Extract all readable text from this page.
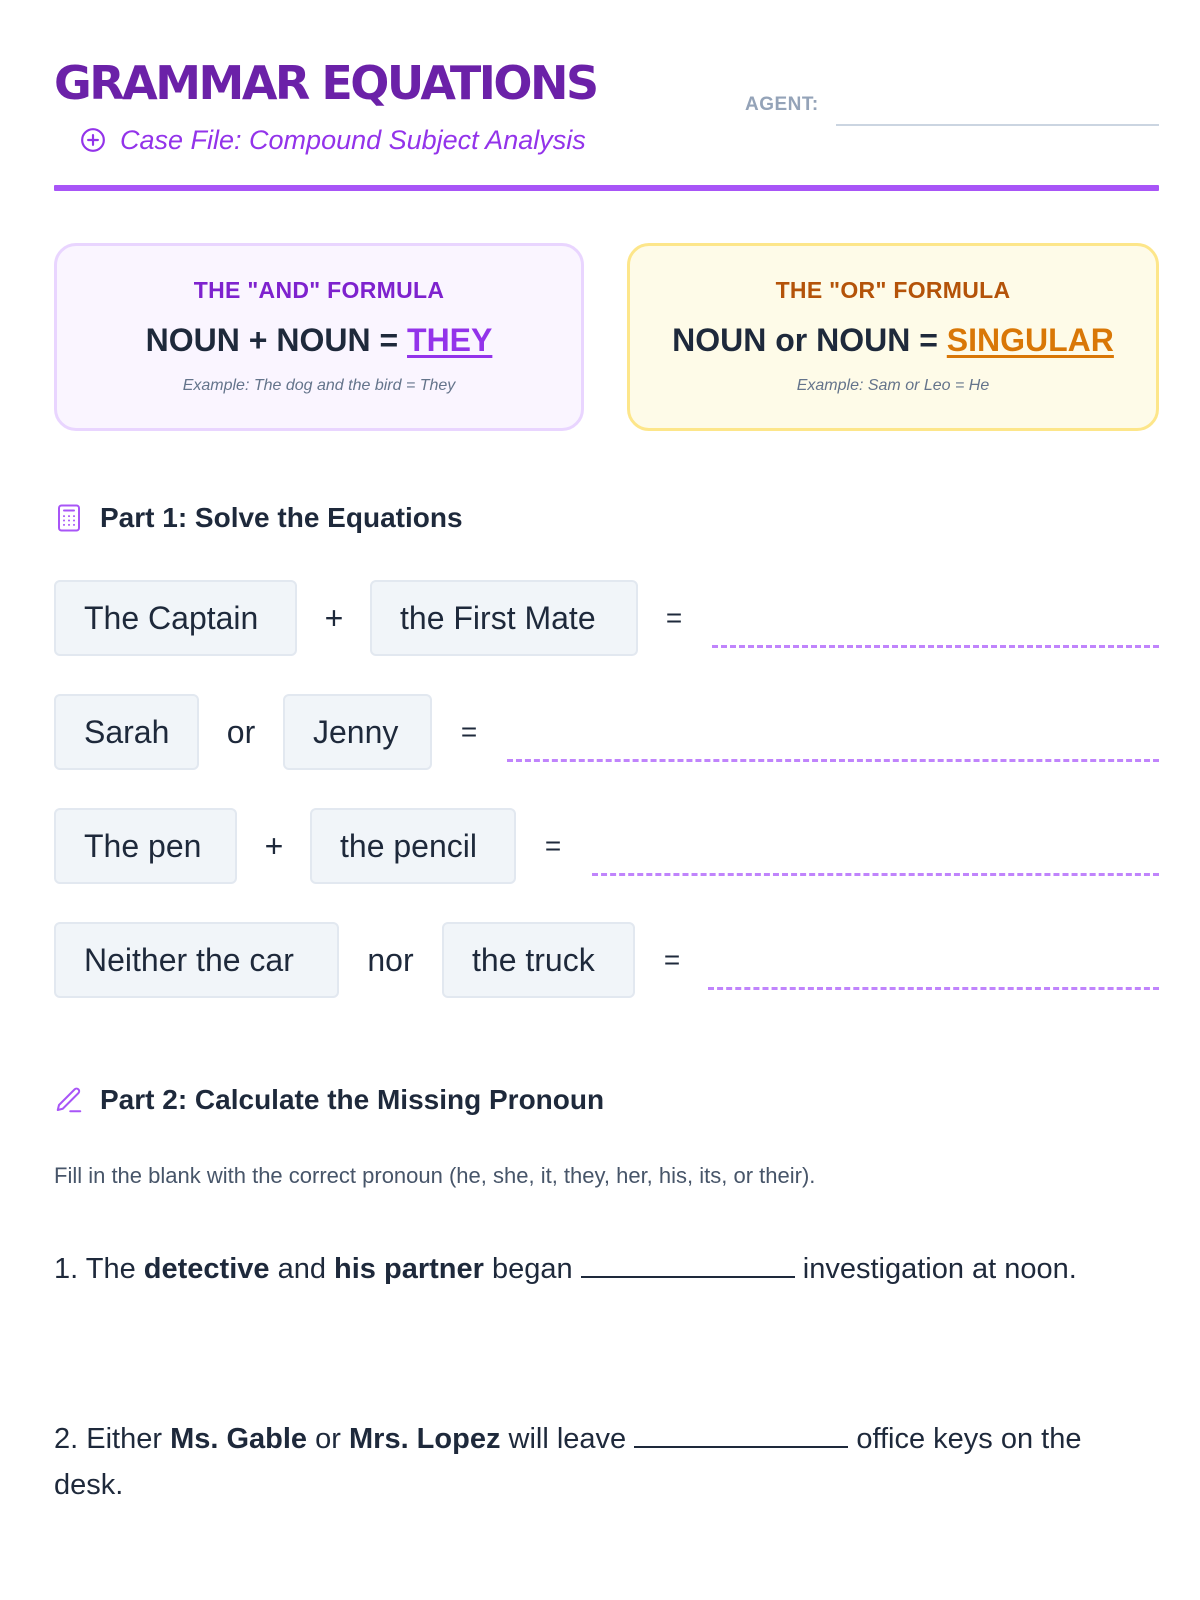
GRAMMAR EQUATIONS
Case File: Compound Subject Analysis
AGENT:
THE "AND" FORMULA
NOUN + NOUN = THEY
Example: The dog and the bird = They
THE "OR" FORMULA
NOUN or NOUN = SINGULAR
Example: Sam or Leo = He
Part 1: Solve the Equations
The Captain	+	the First Mate	=
Sarah	or	Jenny	=
The pen	+	the pencil	=
Neither the car	nor	the truck	=
Part 2: Calculate the Missing Pronoun
Fill in the blank with the correct pronoun (he, she, it, they, her, his, its, or their).
1. The detective and his partner began	investigation at noon.
2. Either Ms. Gable or Mrs. Lopez will leave	office keys on the desk.
